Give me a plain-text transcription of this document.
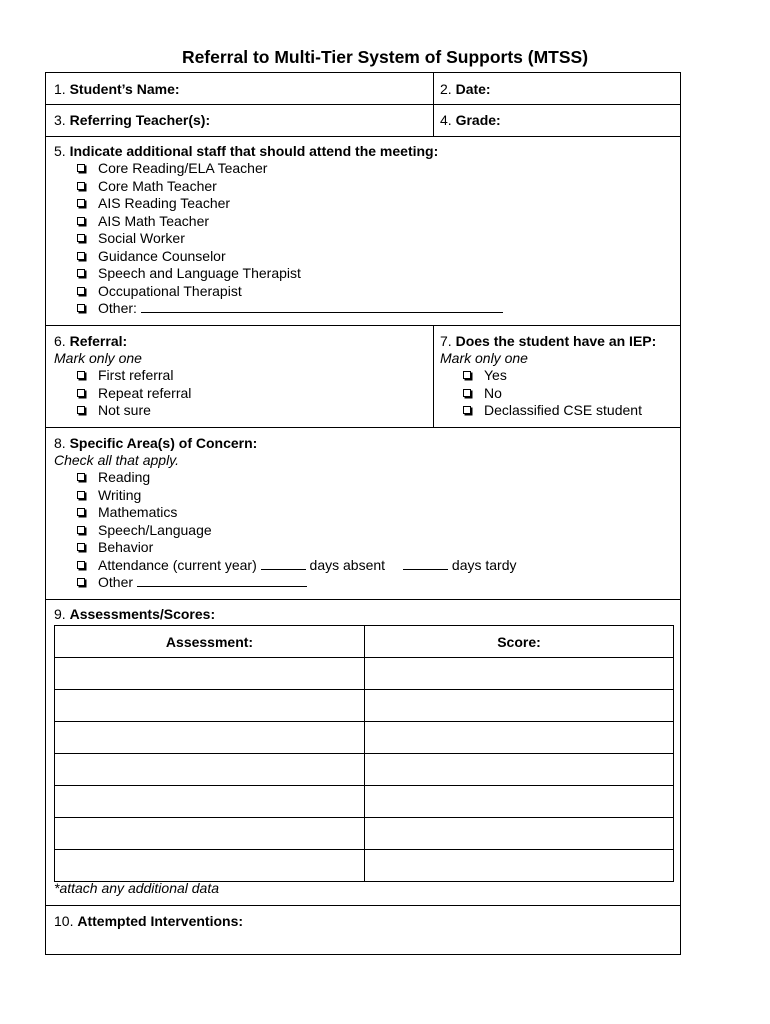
Referral to Multi-Tier System of Supports (MTSS)
1. Student’s Name:	2. Date:
3. Referring Teacher(s):	4. Grade:
5. Indicate additional staff that should attend the meeting:
Core Reading/ELA Teacher
Core Math Teacher
AIS Reading Teacher
AIS Math Teacher
Social Worker
Guidance Counselor
Speech and Language Therapist
Occupational Therapist
Other:
6. Referral:
Mark only one
First referral
Repeat referral
Not sure
7. Does the student have an IEP:
Mark only one
Yes
No
Declassified CSE student
8. Specific Area(s) of Concern:
Check all that apply.
Reading
Writing
Mathematics
Speech/Language
Behavior
Attendance (current year)	days absent	days tardy
Other
9. Assessments/Scores:
Assessment:	Score:

*attach any additional data
10. Attempted Interventions:
